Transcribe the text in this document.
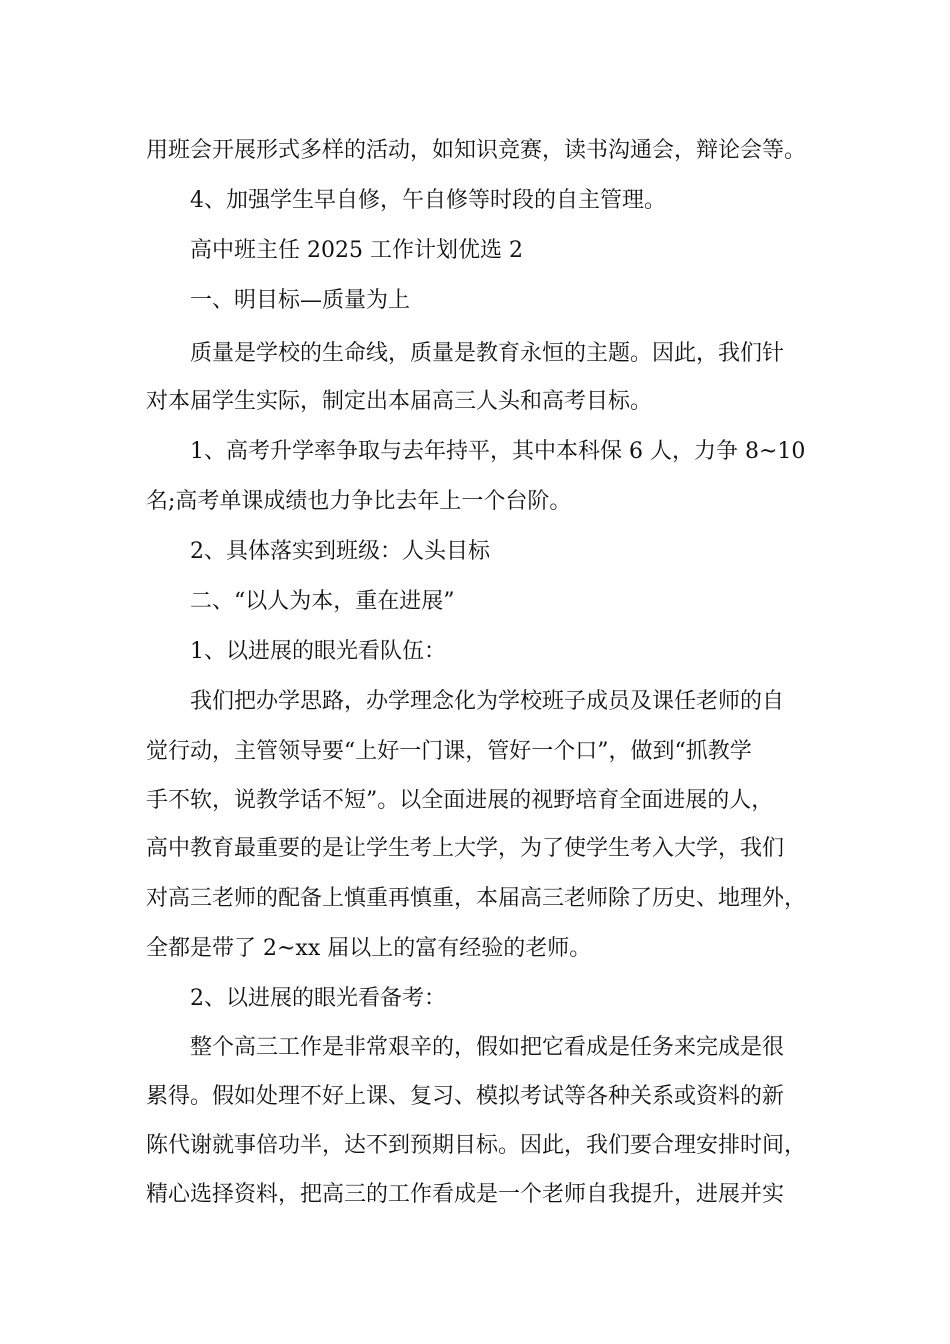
用班会开展形式多样的活动，如知识竞赛，读书沟通会，辩论会等。
4、加强学生早自修，午自修等时段的自主管理。
高中班主任 2025 工作计划优选 2
一、明目标—质量为上
质量是学校的生命线，质量是教育永恒的主题。因此，我们针
对本届学生实际，制定出本届高三人头和高考目标。
1、高考升学率争取与去年持平，其中本科保 6 人，力争 8~10
名;高考单课成绩也力争比去年上一个台阶。
2、具体落实到班级：人头目标
二、“以人为本，重在进展”
1、以进展的眼光看队伍：
我们把办学思路，办学理念化为学校班子成员及课任老师的自
觉行动，主管领导要“上好一门课，管好一个口”，做到“抓教学
手不软，说教学话不短”。以全面进展的视野培育全面进展的人，
高中教育最重要的是让学生考上大学，为了使学生考入大学，我们
对高三老师的配备上慎重再慎重，本届高三老师除了历史、地理外，
全都是带了 2~xx 届以上的富有经验的老师。
2、以进展的眼光看备考：
整个高三工作是非常艰辛的，假如把它看成是任务来完成是很
累得。假如处理不好上课、复习、模拟考试等各种关系或资料的新
陈代谢就事倍功半，达不到预期目标。因此，我们要合理安排时间，
精心选择资料，把高三的工作看成是一个老师自我提升，进展并实
